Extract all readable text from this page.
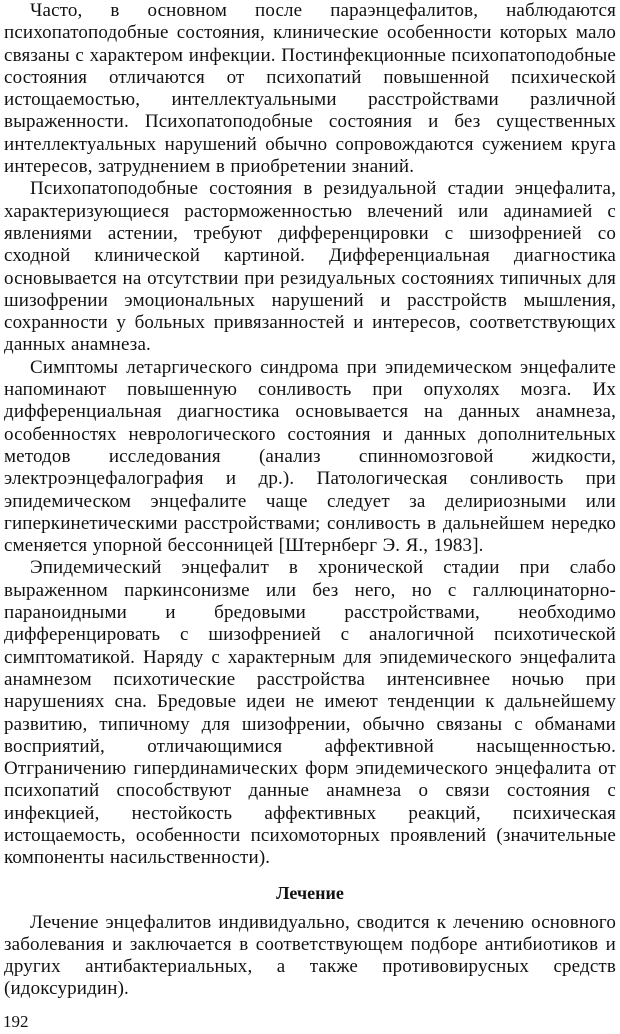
Часто, в основном после параэнцефалитов, наблюдаются психопатоподобные состояния, клинические особенности которых мало связаны с характером инфекции. Постинфекционные психопатоподобные состояния отличаются от психопатий повышенной психической истощаемостью, интеллектуальными расстройствами различной выраженности. Психопатоподобные состояния и без существенных интеллектуальных нарушений обычно сопровождаются сужением круга интересов, затруднением в приобретении знаний.

Психопатоподобные состояния в резидуальной стадии энцефалита, характеризующиеся расторможенностью влечений или адинамией с явлениями астении, требуют дифференцировки с шизофренией со сходной клинической картиной. Дифференциальная диагностика основывается на отсутствии при резидуальных состояниях типичных для шизофрении эмоциональных нарушений и расстройств мышления, сохранности у больных привязанностей и интересов, соответствующих данных анамнеза.

Симптомы летаргического синдрома при эпидемическом энцефалите напоминают повышенную сонливость при опухолях мозга. Их дифференциальная диагностика основывается на данных анамнеза, особенностях неврологического состояния и данных дополнительных методов исследования (анализ спинномозговой жидкости, электроэнцефалография и др.). Патологическая сонливость при эпидемическом энцефалите чаще следует за делириозными или гиперкинетическими расстройствами; сонливость в дальнейшем нередко сменяется упорной бессонницей [Штернберг Э. Я., 1983].

Эпидемический энцефалит в хронической стадии при слабо выраженном паркинсонизме или без него, но с галлюцинаторно-параноидными и бредовыми расстройствами, необходимо дифференцировать с шизофренией с аналогичной психотической симптоматикой. Наряду с характерным для эпидемического энцефалита анамнезом психотические расстройства интенсивнее ночью при нарушениях сна. Бредовые идеи не имеют тенденции к дальнейшему развитию, типичному для шизофрении, обычно связаны с обманами восприятий, отличающимися аффективной насыщенностью. Отграничению гипердинамических форм эпидемического энцефалита от психопатий способствуют данные анамнеза о связи состояния с инфекцией, нестойкость аффективных реакций, психическая истощаемость, особенности психомоторных проявлений (значительные компоненты насильственности).

Лечение

Лечение энцефалитов индивидуально, сводится к лечению основного заболевания и заключается в соответствующем подборе антибиотиков и других антибактериальных, а также противовирусных средств (идоксуридин).

192
